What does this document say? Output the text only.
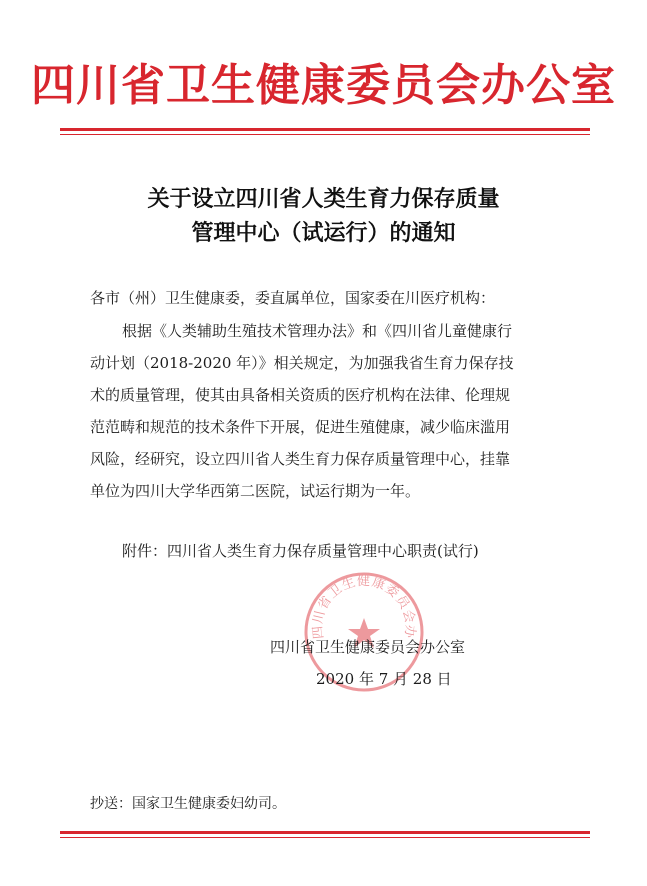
四川省卫生健康委员会办公室
关于设立四川省人类生育力保存质量
管理中心（试运行）的通知
各市（州）卫生健康委，委直属单位，国家委在川医疗机构：
根据《人类辅助生殖技术管理办法》和《四川省儿童健康行
动计划（2018-2020 年）》相关规定，为加强我省生育力保存技
术的质量管理，使其由具备相关资质的医疗机构在法律、伦理规
范范畴和规范的技术条件下开展，促进生殖健康，减少临床滥用
风险，经研究，设立四川省人类生育力保存质量管理中心，挂靠
单位为四川大学华西第二医院，试运行期为一年。
附件：四川省人类生育力保存质量管理中心职责(试行)
四川省卫生健康委员会办
四川省卫生健康委员会办公室
2020 年 7 月 28 日
抄送：国家卫生健康委妇幼司。
